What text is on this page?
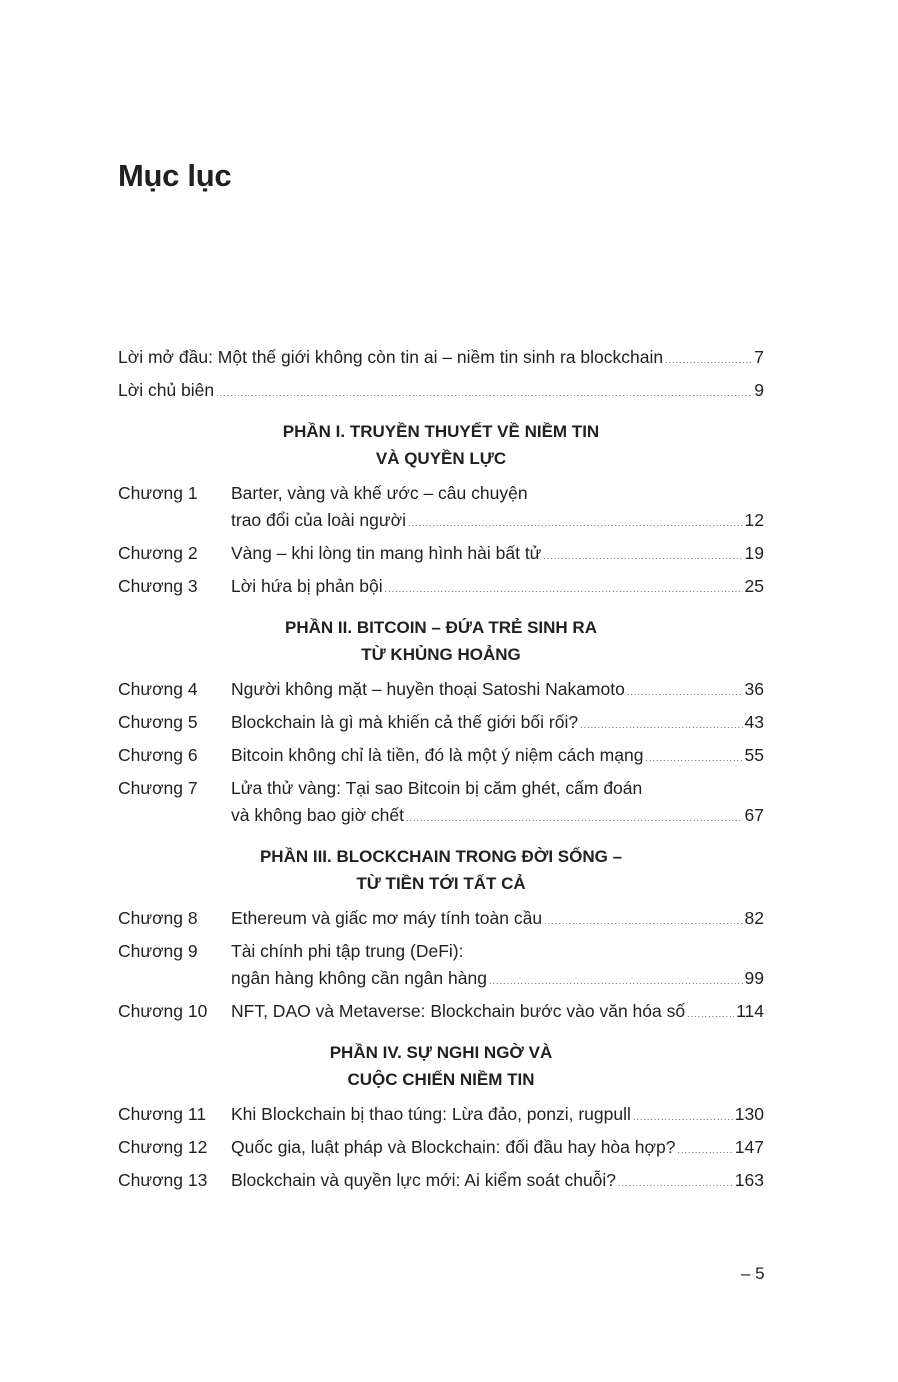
Mục lục
Lời mở đầu: Một thế giới không còn tin ai – niềm tin sinh ra blockchain .....	7
Lời chủ biên .....	9
PHẦN I. TRUYỀN THUYẾT VỀ NIỀM TIN
VÀ QUYỀN LỰC
Chương 1	Barter, vàng và khế ước – câu chuyện
trao đổi của loài người .....	12
Chương 2	Vàng – khi lòng tin mang hình hài bất tử .....	19
Chương 3	Lời hứa bị phản bội .....	25
PHẦN II. BITCOIN – ĐỨA TRẺ SINH RA
TỪ KHỦNG HOẢNG
Chương 4	Người không mặt – huyền thoại Satoshi Nakamoto .....	36
Chương 5	Blockchain là gì mà khiến cả thế giới bối rối? .....	43
Chương 6	Bitcoin không chỉ là tiền, đó là một ý niệm cách mạng .....	55
Chương 7	Lửa thử vàng: Tại sao Bitcoin bị căm ghét, cấm đoán
và không bao giờ chết .....	67
PHẦN III. BLOCKCHAIN TRONG ĐỜI SỐNG –
TỪ TIỀN TỚI TẤT CẢ
Chương 8	Ethereum và giấc mơ máy tính toàn cầu .....	82
Chương 9	Tài chính phi tập trung (DeFi):
ngân hàng không cần ngân hàng .....	99
Chương 10	NFT, DAO và Metaverse: Blockchain bước vào văn hóa số .....	114
PHẦN IV. SỰ NGHI NGỜ VÀ
CUỘC CHIẾN NIỀM TIN
Chương 11	Khi Blockchain bị thao túng: Lừa đảo, ponzi, rugpull .....	130
Chương 12	Quốc gia, luật pháp và Blockchain: đối đầu hay hòa hợp? .....	147
Chương 13	Blockchain và quyền lực mới: Ai kiểm soát chuỗi? .....	163
– 5
